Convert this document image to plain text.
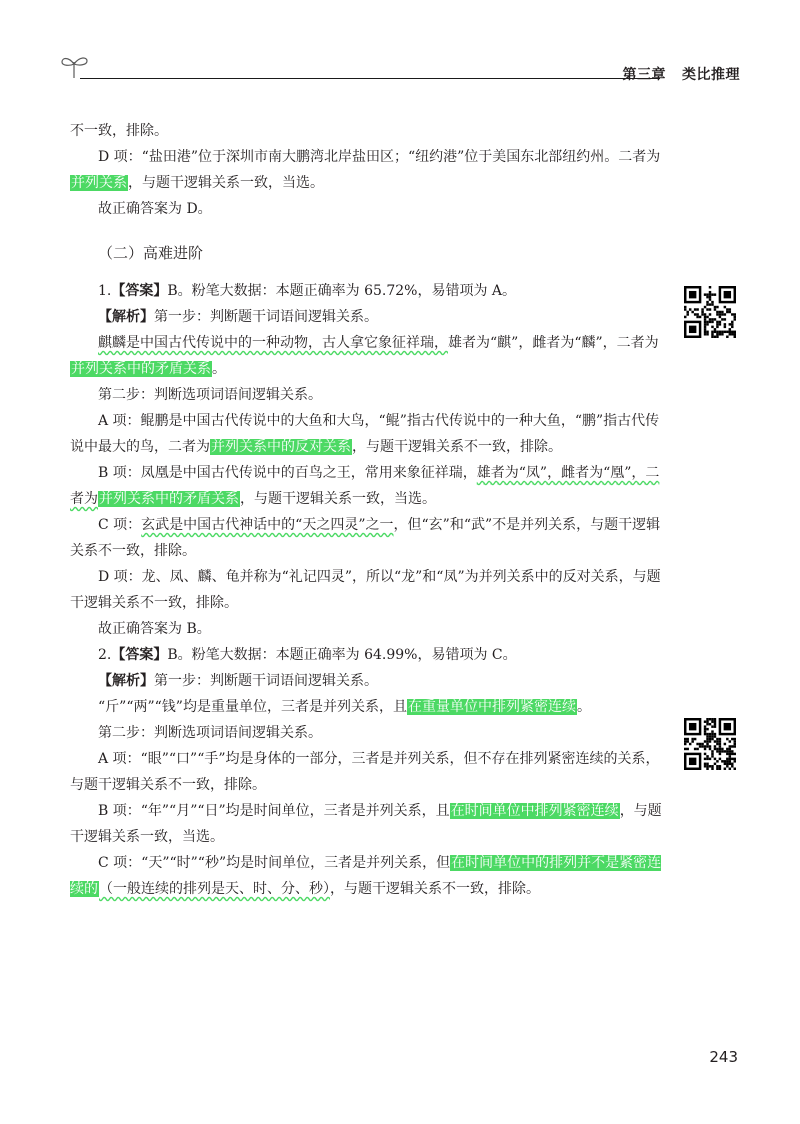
第三章 类比推理

不一致，排除。

D 项：“盐田港”位于深圳市南大鹏湾北岸盐田区；“纽约港”位于美国东北部纽约州。二者为并列关系，与题干逻辑关系一致，当选。

故正确答案为 D。

（二）高难进阶

1.【答案】B。粉笔大数据：本题正确率为 65.72%，易错项为 A。

【解析】第一步：判断题干词语间逻辑关系。

麒麟是中国古代传说中的一种动物，古人拿它象征祥瑞，雄者为“麒”，雌者为“麟”，二者为并列关系中的矛盾关系。

第二步：判断选项词语间逻辑关系。

A 项：鲲鹏是中国古代传说中的大鱼和大鸟，“鲲”指古代传说中的一种大鱼，“鹏”指古代传说中最大的鸟，二者为并列关系中的反对关系，与题干逻辑关系不一致，排除。

B 项：凤凰是中国古代传说中的百鸟之王，常用来象征祥瑞，雄者为“凤”，雌者为“凰”，二者为并列关系中的矛盾关系，与题干逻辑关系一致，当选。

C 项：玄武是中国古代神话中的“天之四灵”之一，但“玄”和“武”不是并列关系，与题干逻辑关系不一致，排除。

D 项：龙、凤、麟、龟并称为“礼记四灵”，所以“龙”和“凤”为并列关系中的反对关系，与题干逻辑关系不一致，排除。

故正确答案为 B。

2.【答案】B。粉笔大数据：本题正确率为 64.99%，易错项为 C。

【解析】第一步：判断题干词语间逻辑关系。

“斤”“两”“钱”均是重量单位，三者是并列关系，且在重量单位中排列紧密连续。

第二步：判断选项词语间逻辑关系。

A 项：“眼”“口”“手”均是身体的一部分，三者是并列关系，但不存在排列紧密连续的关系，与题干逻辑关系不一致，排除。

B 项：“年”“月”“日”均是时间单位，三者是并列关系，且在时间单位中排列紧密连续，与题干逻辑关系一致，当选。

C 项：“天”“时”“秒”均是时间单位，三者是并列关系，但在时间单位中的排列并不是紧密连续的（一般连续的排列是天、时、分、秒），与题干逻辑关系不一致，排除。

243
